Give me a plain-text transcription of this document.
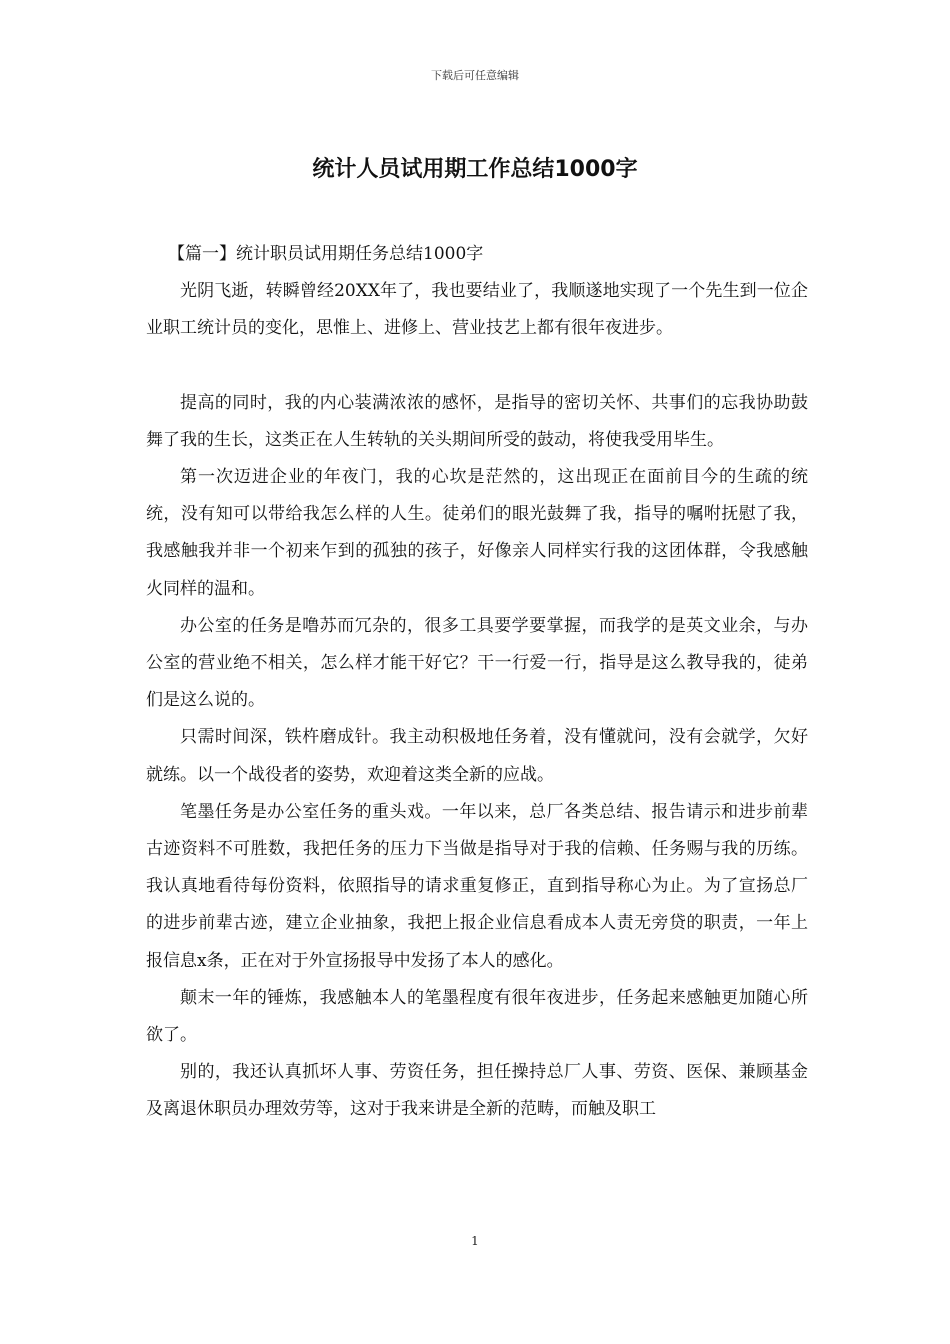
下载后可任意编辑
统计人员试用期工作总结1000字

【篇一】统计职员试用期任务总结1000字

光阴飞逝，转瞬曾经20XX年了，我也要结业了，我顺遂地实现了一个先生到一位企业职工统计员的变化，思惟上、进修上、营业技艺上都有很年夜进步。

提高的同时，我的内心装满浓浓的感怀，是指导的密切关怀、共事们的忘我协助鼓舞了我的生长，这类正在人生转轨的关头期间所受的鼓动，将使我受用毕生。

第一次迈进企业的年夜门，我的心坎是茫然的，这出现正在面前目今的生疏的统统，没有知可以带给我怎么样的人生。徒弟们的眼光鼓舞了我，指导的嘱咐抚慰了我，我感触我并非一个初来乍到的孤独的孩子，好像亲人同样实行我的这团体群，令我感触火同样的温和。

办公室的任务是噜苏而冗杂的，很多工具要学要掌握，而我学的是英文业余，与办公室的营业绝不相关，怎么样才能干好它？干一行爱一行，指导是这么教导我的，徒弟们是这么说的。

只需时间深，铁杵磨成针。我主动积极地任务着，没有懂就问，没有会就学，欠好就练。以一个战役者的姿势，欢迎着这类全新的应战。

笔墨任务是办公室任务的重头戏。一年以来，总厂各类总结、报告请示和进步前辈古迹资料不可胜数，我把任务的压力下当做是指导对于我的信赖、任务赐与我的历练。我认真地看待每份资料，依照指导的请求重复修正，直到指导称心为止。为了宣扬总厂的进步前辈古迹，建立企业抽象，我把上报企业信息看成本人责无旁贷的职责，一年上报信息x条，正在对于外宣扬报导中发扬了本人的感化。

颠末一年的锤炼，我感触本人的笔墨程度有很年夜进步，任务起来感触更加随心所欲了。

别的，我还认真抓坏人事、劳资任务，担任操持总厂人事、劳资、医保、兼顾基金及离退休职员办理效劳等，这对于我来讲是全新的范畴，而触及职工

1
